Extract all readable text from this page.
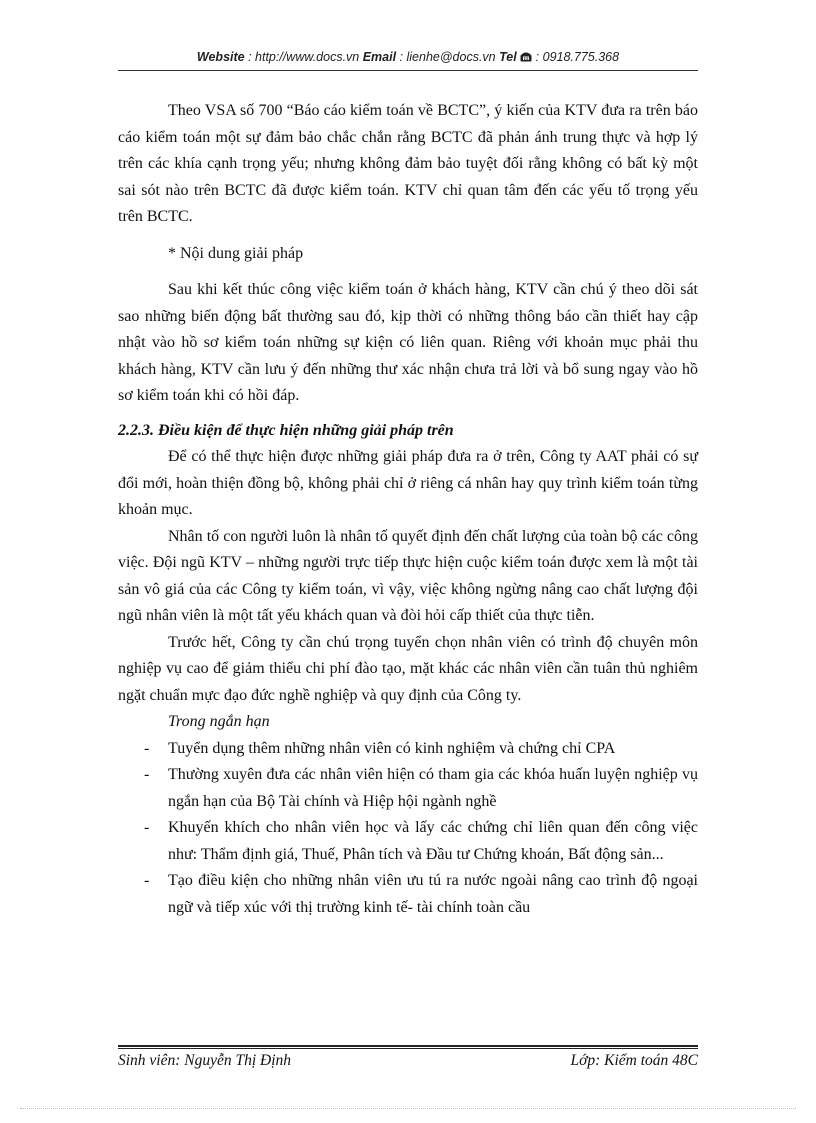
Website : http://www.docs.vn Email : lienhe@docs.vn Tel  : 0918.775.368

Theo VSA số 700 “Báo cáo kiểm toán về BCTC”, ý kiến của KTV đưa ra trên báo cáo kiểm toán một sự đảm bảo chắc chắn rằng BCTC đã phản ánh trung thực và hợp lý trên các khía cạnh trọng yếu; nhưng không đảm bảo tuyệt đối rằng không có bất kỳ một sai sót nào trên BCTC đã được kiểm toán. KTV chỉ quan tâm đến các yếu tố trọng yếu trên BCTC.

* Nội dung giải pháp

Sau khi kết thúc công việc kiểm toán ở khách hàng, KTV cần chú ý theo dõi sát sao những biến động bất thường sau đó, kịp thời có những thông báo cần thiết hay cập nhật vào hồ sơ kiểm toán những sự kiện có liên quan. Riêng với khoản mục phải thu khách hàng, KTV cần lưu ý đến những thư xác nhận chưa trả lời và bổ sung ngay vào hồ sơ kiểm toán khi có hồi đáp.

2.2.3. Điều kiện để thực hiện những giải pháp trên

Để có thể thực hiện được những giải pháp đưa ra ở trên, Công ty AAT phải có sự đổi mới, hoàn thiện đồng bộ, không phải chỉ ở riêng cá nhân hay quy trình kiểm toán từng khoản mục.

Nhân tố con người luôn là nhân tố quyết định đến chất lượng của toàn bộ các công việc. Đội ngũ KTV – những người trực tiếp thực hiện cuộc kiểm toán được xem là một tài sản vô giá của các Công ty kiểm toán, vì vậy, việc không ngừng nâng cao chất lượng đội ngũ nhân viên là một tất yếu khách quan và đòi hỏi cấp thiết của thực tiễn.

Trước hết, Công ty cần chú trọng tuyển chọn nhân viên có trình độ chuyên môn nghiệp vụ cao để giảm thiểu chi phí đào tạo, mặt khác các nhân viên cần tuân thủ nghiêm ngặt chuẩn mực đạo đức nghề nghiệp và quy định của Công ty.

Trong ngắn hạn

- Tuyển dụng thêm những nhân viên có kinh nghiệm và chứng chỉ CPA
- Thường xuyên đưa các nhân viên hiện có tham gia các khóa huấn luyện nghiệp vụ ngắn hạn của Bộ Tài chính và Hiệp hội ngành nghề
- Khuyến khích cho nhân viên học và lấy các chứng chỉ liên quan đến công việc như: Thẩm định giá, Thuế, Phân tích và Đầu tư Chứng khoán, Bất động sản...
- Tạo điều kiện cho những nhân viên ưu tú ra nước ngoài nâng cao trình độ ngoại ngữ và tiếp xúc với thị trường kinh tế- tài chính toàn cầu
Sinh viên: Nguyễn Thị Định	Lớp: Kiểm toán 48C
